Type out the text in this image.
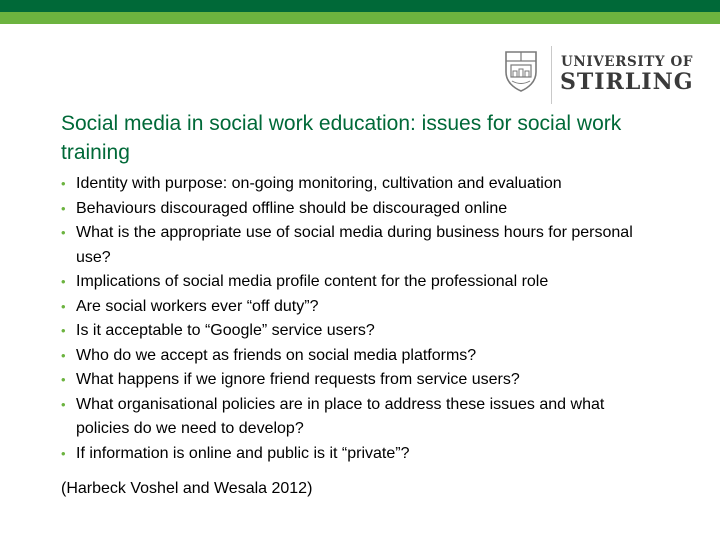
UNIVERSITY OF
STIRLING
Social media in social work education: issues for social work training
• Identity with purpose: on-going monitoring, cultivation and evaluation
• Behaviours discouraged offline should be discouraged online
• What is the appropriate use of social media during business hours for personal use?
• Implications of social media profile content for the professional role
• Are social workers ever “off duty”?
• Is it acceptable to “Google” service users?
• Who do we accept as friends on social media platforms?
• What happens if we ignore friend requests from service users?
• What organisational policies are in place to address these issues and what policies do we need to develop?
• If information is online and public is it “private”?
(Harbeck Voshel and Wesala 2012)
